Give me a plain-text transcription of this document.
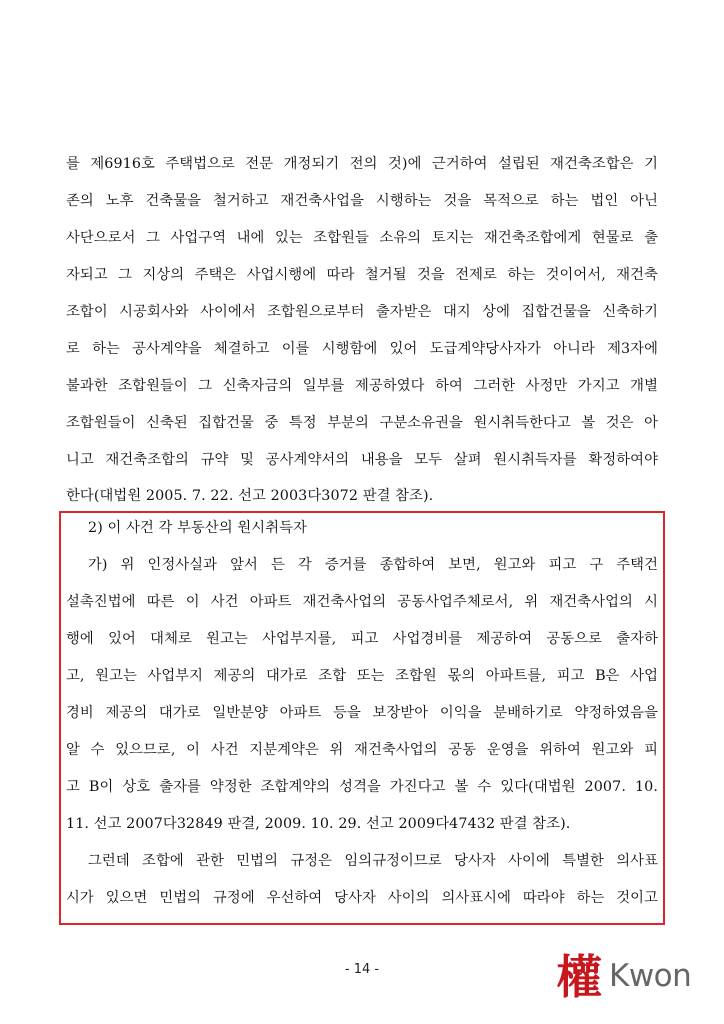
를 제6916호 주택법으로 전문 개정되기 전의 것)에 근거하여 설립된 재건축조합은 기
존의 노후 건축물을 철거하고 재건축사업을 시행하는 것을 목적으로 하는 법인 아닌
사단으로서 그 사업구역 내에 있는 조합원들 소유의 토지는 재건축조합에게 현물로 출
자되고 그 지상의 주택은 사업시행에 따라 철거될 것을 전제로 하는 것이어서, 재건축
조합이 시공회사와 사이에서 조합원으로부터 출자받은 대지 상에 집합건물을 신축하기
로 하는 공사계약을 체결하고 이를 시행함에 있어 도급계약당사자가 아니라 제3자에
불과한 조합원들이 그 신축자금의 일부를 제공하였다 하여 그러한 사정만 가지고 개별
조합원들이 신축된 집합건물 중 특정 부분의 구분소유권을 원시취득한다고 볼 것은 아
니고 재건축조합의 규약 및 공사계약서의 내용을 모두 살펴 원시취득자를 확정하여야
한다(대법원 2005. 7. 22. 선고 2003다3072 판결 참조).
2) 이 사건 각 부동산의 원시취득자
가) 위 인정사실과 앞서 든 각 증거를 종합하여 보면, 원고와 피고 구 주택건
설촉진법에 따른 이 사건 아파트 재건축사업의 공동사업주체로서, 위 재건축사업의 시
행에 있어 대체로 원고는 사업부지를, 피고 사업경비를 제공하여 공동으로 출자하
고, 원고는 사업부지 제공의 대가로 조합 또는 조합원 몫의 아파트를, 피고 B은 사업
경비 제공의 대가로 일반분양 아파트 등을 보장받아 이익을 분배하기로 약정하였음을
알 수 있으므로, 이 사건 지분계약은 위 재건축사업의 공동 운영을 위하여 원고와 피
고 B이 상호 출자를 약정한 조합계약의 성격을 가진다고 볼 수 있다(대법원 2007. 10.
11. 선고 2007다32849 판결, 2009. 10. 29. 선고 2009다47432 판결 참조).
그런데 조합에 관한 민법의 규정은 임의규정이므로 당사자 사이에 특별한 의사표
시가 있으면 민법의 규정에 우선하여 당사자 사이의 의사표시에 따라야 하는 것이고
- 14 -	權 Kwon
